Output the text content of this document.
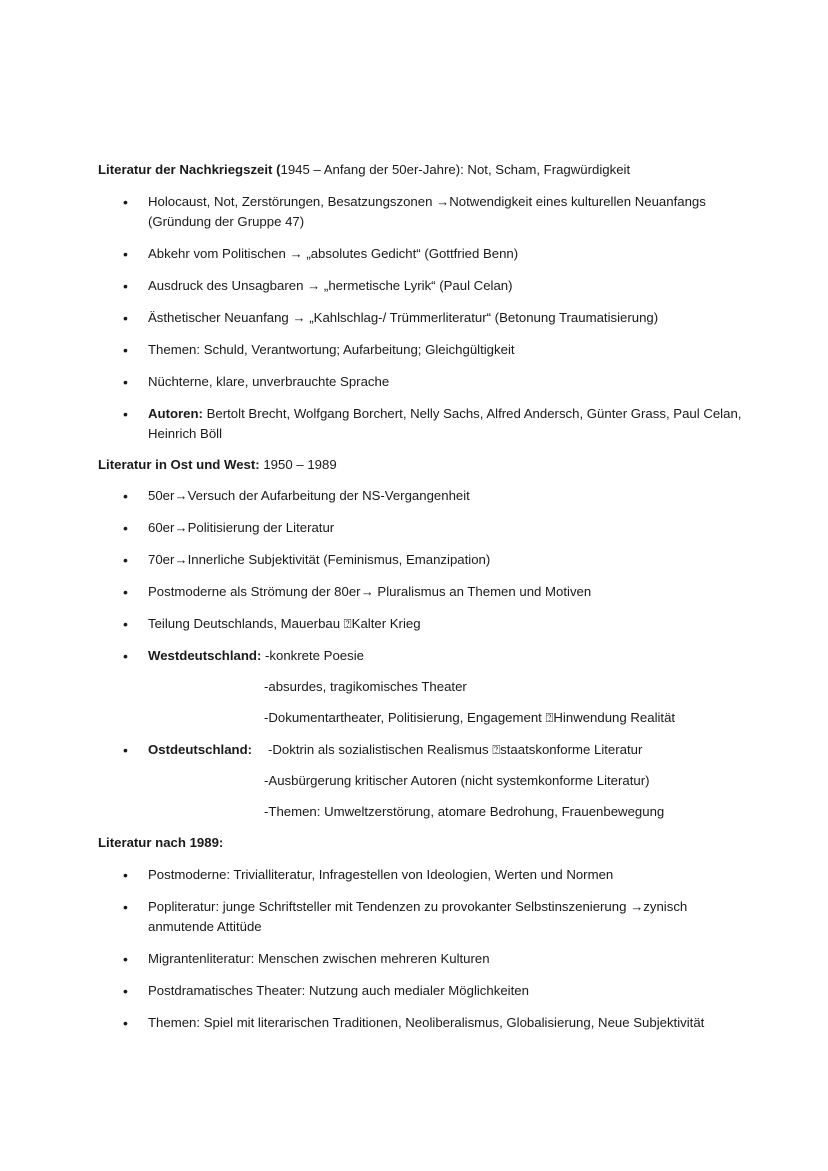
Literatur der Nachkriegszeit (1945 – Anfang der 50er-Jahre): Not, Scham, Fragwürdigkeit
• Holocaust, Not, Zerstörungen, Besatzungszonen →Notwendigkeit eines kulturellen Neuanfangs (Gründung der Gruppe 47)
• Abkehr vom Politischen → „absolutes Gedicht“ (Gottfried Benn)
• Ausdruck des Unsagbaren → „hermetische Lyrik“ (Paul Celan)
• Ästhetischer Neuanfang → „Kahlschlag-/ Trümmerliteratur“ (Betonung Traumatisierung)
• Themen: Schuld, Verantwortung; Aufarbeitung; Gleichgültigkeit
• Nüchterne, klare, unverbrauchte Sprache
• Autoren: Bertolt Brecht, Wolfgang Borchert, Nelly Sachs, Alfred Andersch, Günter Grass, Paul Celan, Heinrich Böll
Literatur in Ost und West: 1950 – 1989
• 50er→Versuch der Aufarbeitung der NS-Vergangenheit
• 60er→Politisierung der Literatur
• 70er→Innerliche Subjektivität (Feminismus, Emanzipation)
• Postmoderne als Strömung der 80er→ Pluralismus an Themen und Motiven
• Teilung Deutschlands, Mauerbau ⍰Kalter Krieg
• Westdeutschland: -konkrete Poesie
-absurdes, tragikomisches Theater
-Dokumentartheater, Politisierung, Engagement ⍰Hinwendung Realität
• Ostdeutschland:	-Doktrin als sozialistischen Realismus ⍰staatskonforme Literatur
-Ausbürgerung kritischer Autoren (nicht systemkonforme Literatur)
-Themen: Umweltzerstörung, atomare Bedrohung, Frauenbewegung
Literatur nach 1989:
• Postmoderne: Trivialliteratur, Infragestellen von Ideologien, Werten und Normen
• Popliteratur: junge Schriftsteller mit Tendenzen zu provokanter Selbstinszenierung →zynisch anmutende Attitüde
• Migrantenliteratur: Menschen zwischen mehreren Kulturen
• Postdramatisches Theater: Nutzung auch medialer Möglichkeiten
• Themen: Spiel mit literarischen Traditionen, Neoliberalismus, Globalisierung, Neue Subjektivität
